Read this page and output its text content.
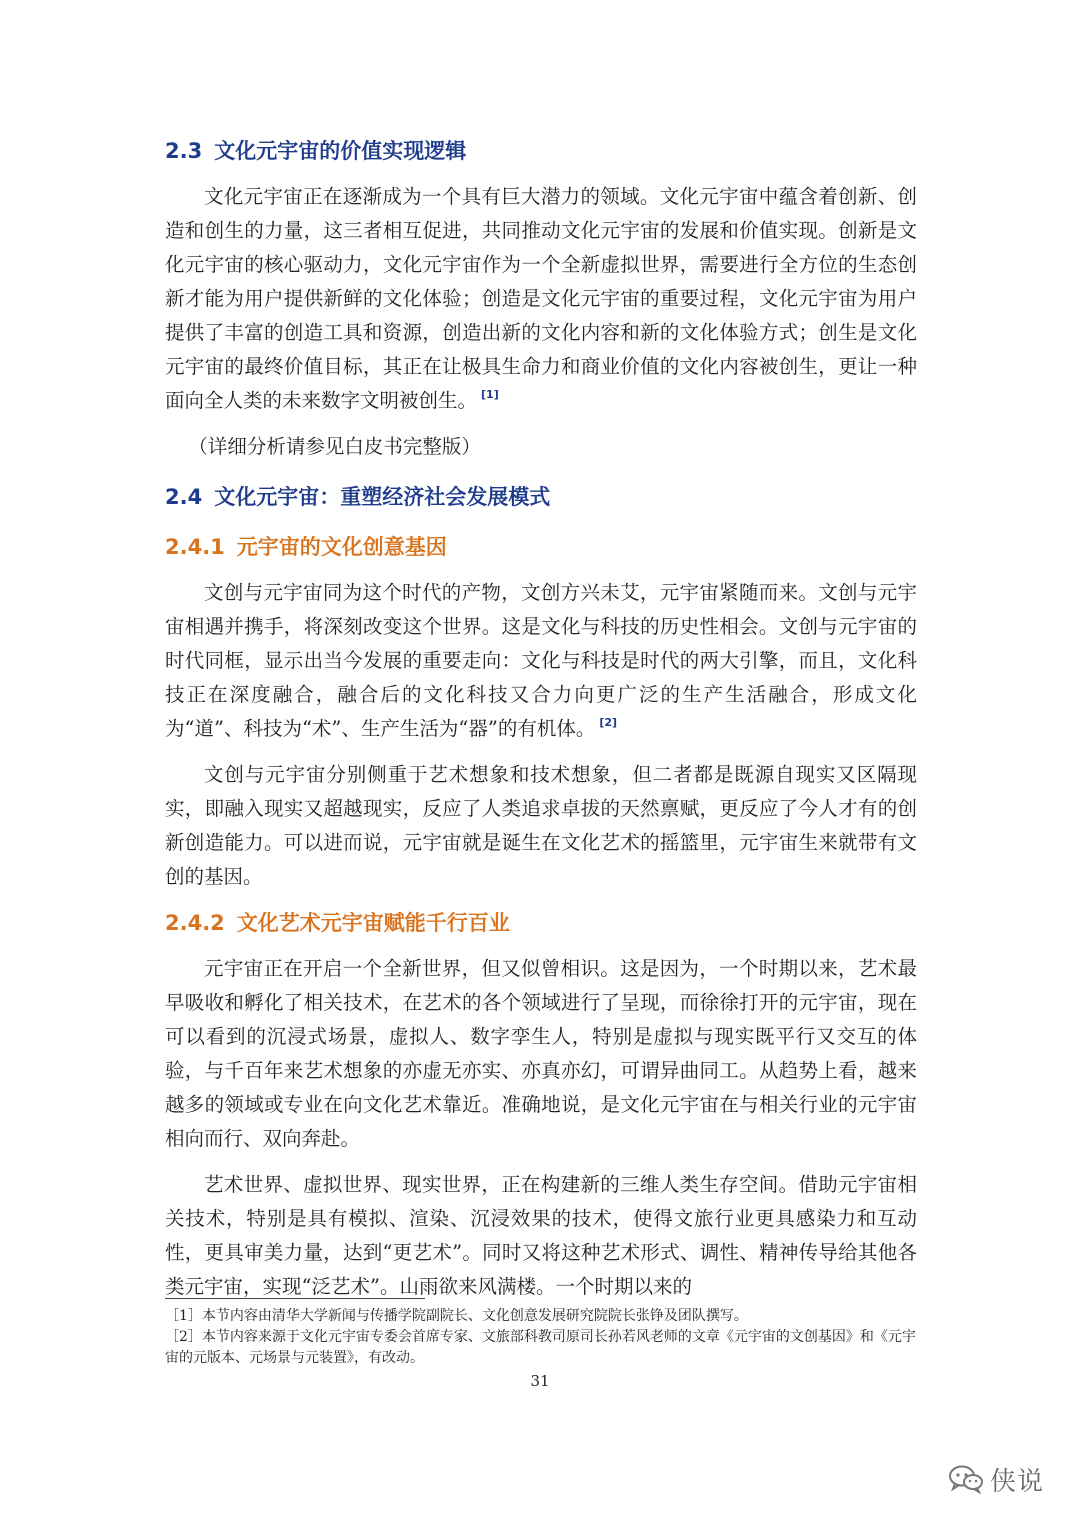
2.3 文化元宇宙的价值实现逻辑

文化元宇宙正在逐渐成为一个具有巨大潜力的领域。文化元宇宙中蕴含着创新、创造和创生的力量，这三者相互促进，共同推动文化元宇宙的发展和价值实现。创新是文化元宇宙的核心驱动力，文化元宇宙作为一个全新虚拟世界，需要进行全方位的生态创新才能为用户提供新鲜的文化体验；创造是文化元宇宙的重要过程，文化元宇宙为用户提供了丰富的创造工具和资源，创造出新的文化内容和新的文化体验方式；创生是文化元宇宙的最终价值目标，其正在让极具生命力和商业价值的文化内容被创生，更让一种面向全人类的未来数字文明被创生。 [1]

（详细分析请参见白皮书完整版）

2.4 文化元宇宙：重塑经济社会发展模式
2.4.1 元宇宙的文化创意基因

文创与元宇宙同为这个时代的产物，文创方兴未艾，元宇宙紧随而来。文创与元宇宙相遇并携手，将深刻改变这个世界。这是文化与科技的历史性相会。文创与元宇宙的时代同框，显示出当今发展的重要走向：文化与科技是时代的两大引擎，而且，文化科技正在深度融合，融合后的文化科技又合力向更广泛的生产生活融合，形成文化为“道”、科技为“术”、生产生活为“器”的有机体。 [2]

文创与元宇宙分别侧重于艺术想象和技术想象，但二者都是既源自现实又区隔现实，即融入现实又超越现实，反应了人类追求卓拔的天然禀赋，更反应了今人才有的创新创造能力。可以进而说，元宇宙就是诞生在文化艺术的摇篮里，元宇宙生来就带有文创的基因。

2.4.2 文化艺术元宇宙赋能千行百业

元宇宙正在开启一个全新世界，但又似曾相识。这是因为，一个时期以来，艺术最早吸收和孵化了相关技术，在艺术的各个领域进行了呈现，而徐徐打开的元宇宙，现在可以看到的沉浸式场景，虚拟人、数字孪生人，特别是虚拟与现实既平行又交互的体验，与千百年来艺术想象的亦虚无亦实、亦真亦幻，可谓异曲同工。从趋势上看，越来越多的领域或专业在向文化艺术靠近。准确地说，是文化元宇宙在与相关行业的元宇宙相向而行、双向奔赴。

艺术世界、虚拟世界、现实世界，正在构建新的三维人类生存空间。借助元宇宙相关技术，特别是具有模拟、渲染、沉浸效果的技术，使得文旅行业更具感染力和互动性，更具审美力量，达到“更艺术”。同时又将这种艺术形式、调性、精神传导给其他各类元宇宙，实现“泛艺术”。山雨欲来风满楼。一个时期以来的

［1］本节内容由清华大学新闻与传播学院副院长、文化创意发展研究院院长张铮及团队撰写。
［2］本节内容来源于文化元宇宙专委会首席专家、文旅部科教司原司长孙若风老师的文章《元宇宙的文创基因》和《元宇宙的元版本、元场景与元装置》，有改动。
31
侠说
